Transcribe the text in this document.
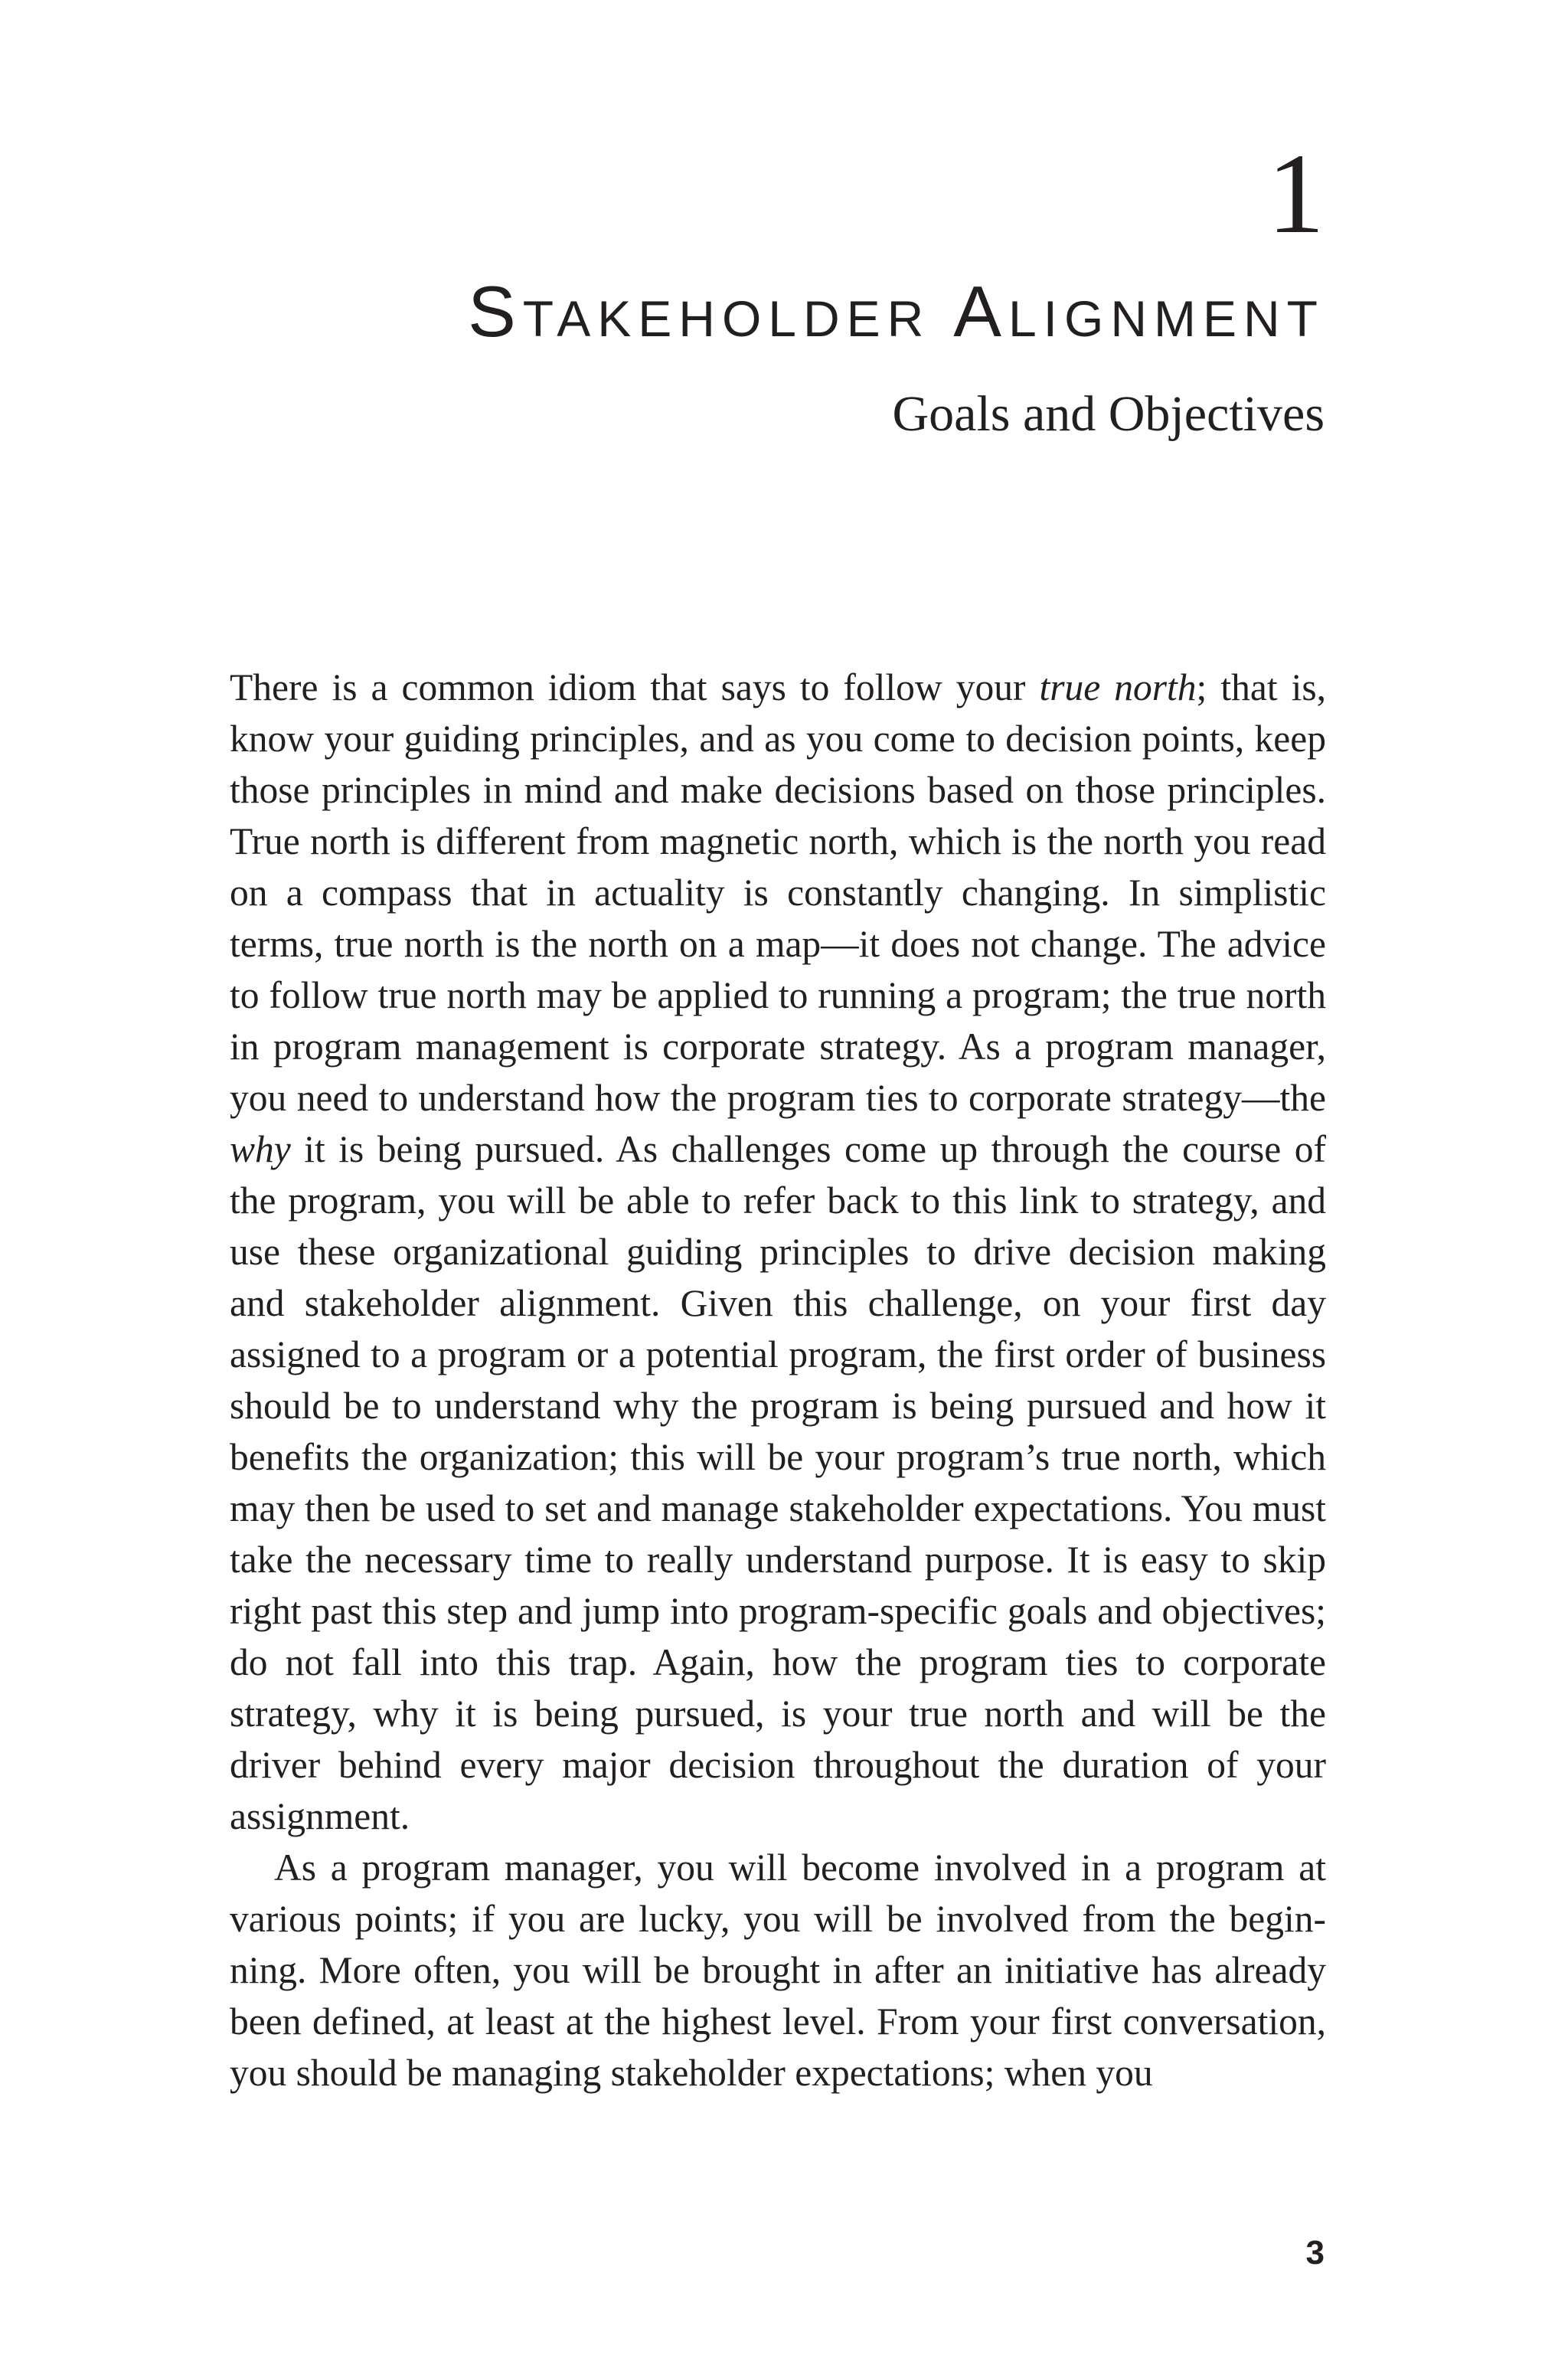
1
Stakeholder Alignment
Goals and Objectives

There is a common idiom that says to follow your true north; that is, know your guiding principles, and as you come to decision points, keep those principles in mind and make decisions based on those principles. True north is different from magnetic north, which is the north you read on a compass that in actuality is constantly changing. In simplistic terms, true north is the north on a map—it does not change. The advice to follow true north may be applied to running a program; the true north in program management is corporate strategy. As a program manager, you need to understand how the program ties to corporate strategy—the why it is being pursued. As challenges come up through the course of the program, you will be able to refer back to this link to strategy, and use these organizational guiding principles to drive decision making and stakeholder alignment. Given this challenge, on your first day assigned to a program or a potential program, the first order of business should be to understand why the program is being pursued and how it benefits the organization; this will be your program’s true north, which may then be used to set and manage stakeholder expectations. You must take the necessary time to really understand purpose. It is easy to skip right past this step and jump into program-specific goals and objectives; do not fall into this trap. Again, how the program ties to corporate strategy, why it is being pursued, is your true north and will be the driver behind every major decision throughout the duration of your assignment.

As a program manager, you will become involved in a program at various points; if you are lucky, you will be involved from the beginning. More often, you will be brought in after an initiative has already been defined, at least at the highest level. From your first conversation, you should be managing stakeholder expectations; when you

3
